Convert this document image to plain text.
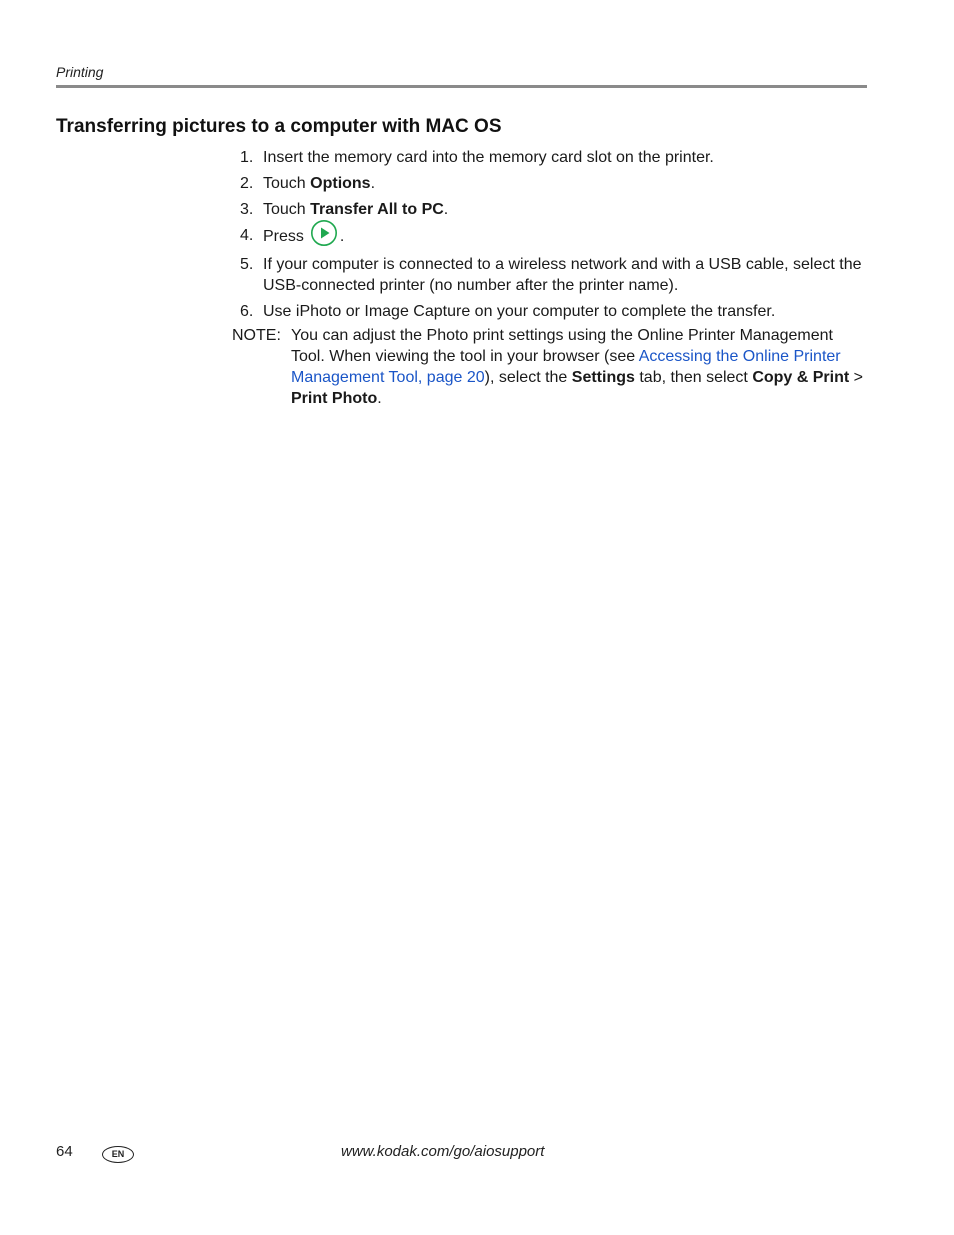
Printing
Transferring pictures to a computer with MAC OS
1. Insert the memory card into the memory card slot on the printer.
2. Touch Options.
3. Touch Transfer All to PC.
4. Press .
5. If your computer is connected to a wireless network and with a USB cable, select the USB-connected printer (no number after the printer name).
6. Use iPhoto or Image Capture on your computer to complete the transfer.
NOTE: You can adjust the Photo print settings using the Online Printer Management Tool. When viewing the tool in your browser (see Accessing the Online Printer Management Tool, page 20), select the Settings tab, then select Copy & Print > Print Photo.
64	EN	www.kodak.com/go/aiosupport
